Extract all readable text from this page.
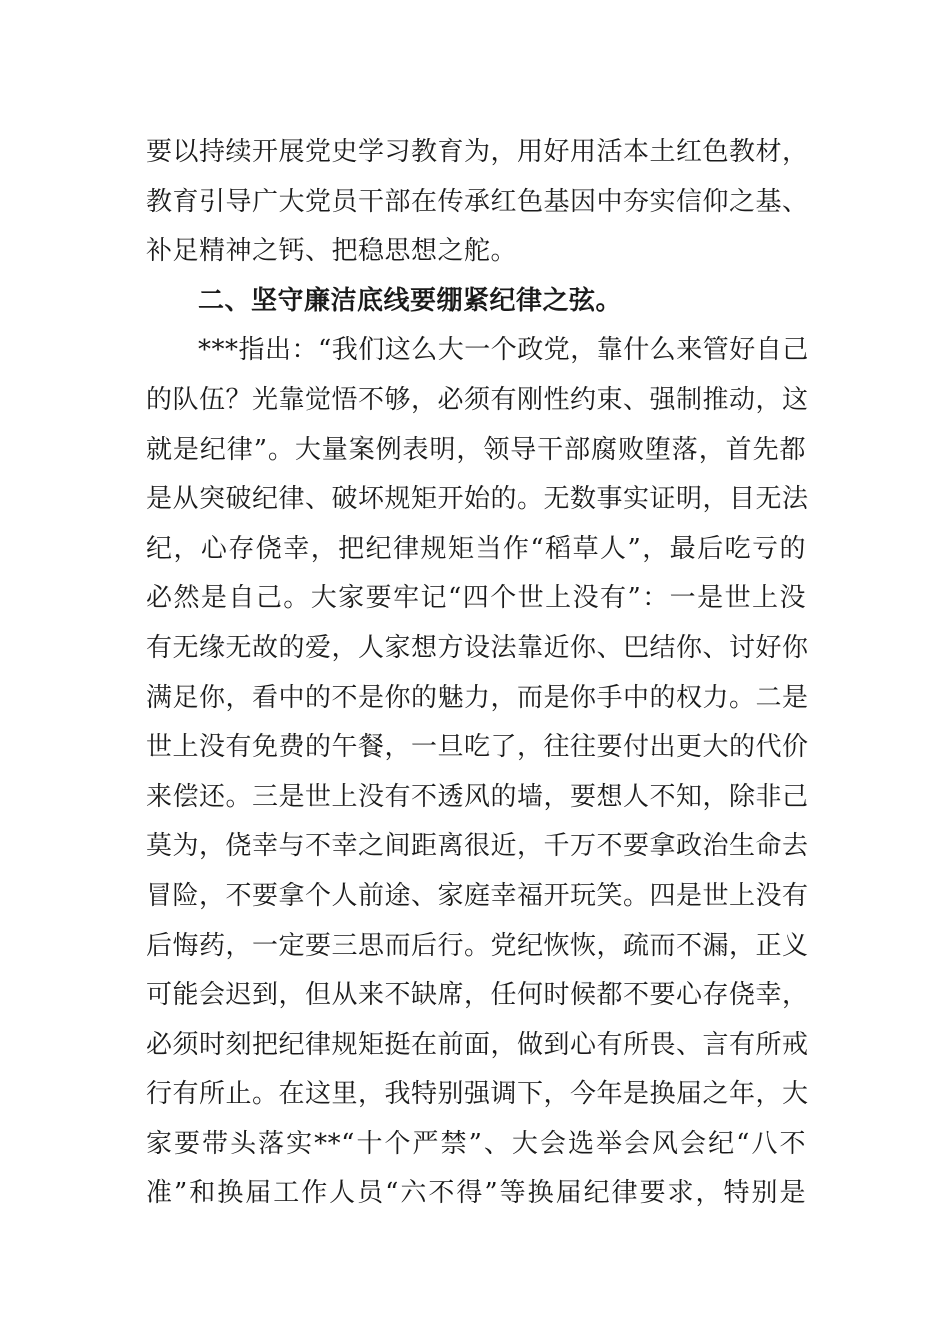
要以持续开展党史学习教育为，用好用活本土红色教材，
教育引导广大党员干部在传承红色基因中夯实信仰之基、
补足精神之钙、把稳思想之舵。
二、坚守廉洁底线要绷紧纪律之弦。
***指出：“我们这么大一个政党，靠什么来管好自己
的队伍？光靠觉悟不够，必须有刚性约束、强制推动，这
就是纪律”。大量案例表明，领导干部腐败堕落，首先都
是从突破纪律、破坏规矩开始的。无数事实证明，目无法
纪，心存侥幸，把纪律规矩当作“稻草人”，最后吃亏的
必然是自己。大家要牢记“四个世上没有”：一是世上没
有无缘无故的爱，人家想方设法靠近你、巴结你、讨好你
满足你，看中的不是你的魅力，而是你手中的权力。二是
世上没有免费的午餐，一旦吃了，往往要付出更大的代价
来偿还。三是世上没有不透风的墙，要想人不知，除非己
莫为，侥幸与不幸之间距离很近，千万不要拿政治生命去
冒险，不要拿个人前途、家庭幸福开玩笑。四是世上没有
后悔药，一定要三思而后行。党纪恢恢，疏而不漏，正义
可能会迟到，但从来不缺席，任何时候都不要心存侥幸，
必须时刻把纪律规矩挺在前面，做到心有所畏、言有所戒
行有所止。在这里，我特别强调下，今年是换届之年，大
家要带头落实**“十个严禁”、大会选举会风会纪“八不
准”和换届工作人员“六不得”等换届纪律要求，特别是
